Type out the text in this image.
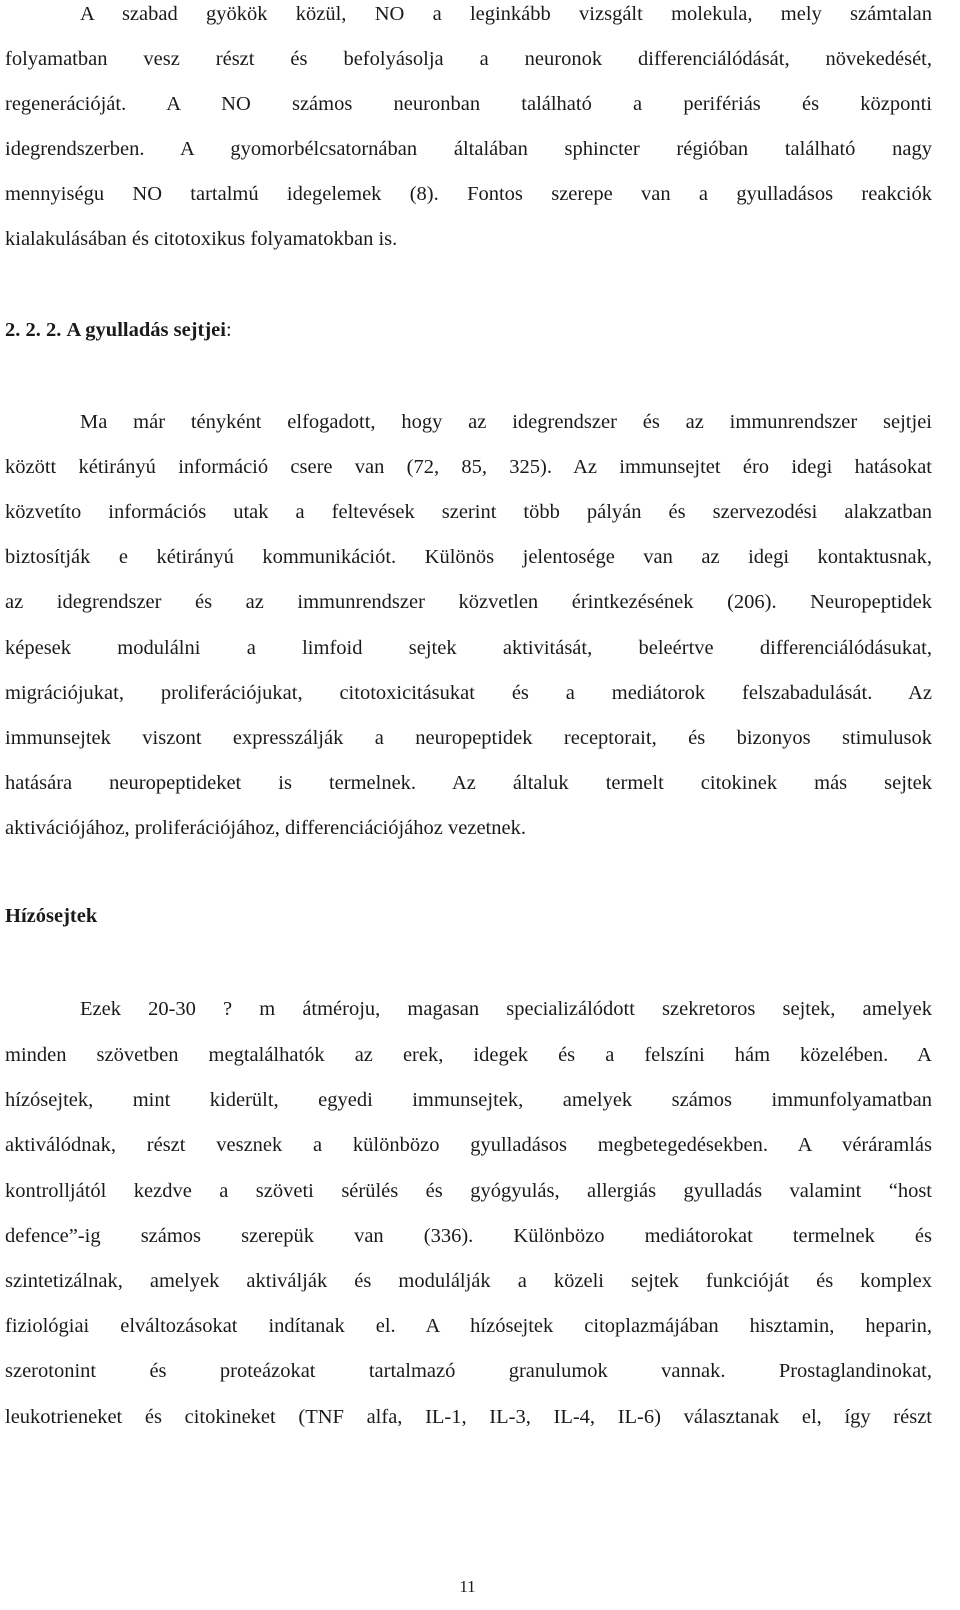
A szabad gyökök közül, NO a leginkább vizsgált molekula, mely számtalan
folyamatban vesz részt és befolyásolja a neuronok differenciálódását, növekedését,
regenerációját. A NO számos neuronban található a perifériás és központi
idegrendszerben. A gyomorbélcsatornában általában sphincter régióban található nagy
mennyiségu NO tartalmú idegelemek (8). Fontos szerepe van a gyulladásos reakciók
kialakulásában és citotoxikus folyamatokban is.
2. 2. 2. A gyulladás sejtjei:
Ma már tényként elfogadott, hogy az idegrendszer és az immunrendszer sejtjei
között kétirányú információ csere van (72, 85, 325). Az immunsejtet éro idegi hatásokat
közvetíto információs utak a feltevések szerint több pályán és szervezodési alakzatban
biztosítják e kétirányú kommunikációt. Különös jelentosége van az idegi kontaktusnak,
az idegrendszer és az immunrendszer közvetlen érintkezésének (206). Neuropeptidek
képesek modulálni a limfoid sejtek aktivitását, beleértve differenciálódásukat,
migrációjukat, proliferációjukat, citotoxicitásukat és a mediátorok felszabadulását. Az
immunsejtek viszont expresszálják a neuropeptidek receptorait, és bizonyos stimulusok
hatására neuropeptideket is termelnek. Az általuk termelt citokinek más sejtek
aktivációjához, proliferációjához, differenciációjához vezetnek.
Hízósejtek
Ezek 20-30 ? m átméroju, magasan specializálódott szekretoros sejtek, amelyek
minden szövetben megtalálhatók az erek, idegek és a felszíni hám közelében. A
hízósejtek, mint kiderült, egyedi immunsejtek, amelyek számos immunfolyamatban
aktiválódnak, részt vesznek a különbözo gyulladásos megbetegedésekben. A véráramlás
kontrolljától kezdve a szöveti sérülés és gyógyulás, allergiás gyulladás valamint “host
defence”-ig számos szerepük van (336). Különbözo mediátorokat termelnek és
szintetizálnak, amelyek aktiválják és modulálják a közeli sejtek funkcióját és komplex
fiziológiai elváltozásokat indítanak el. A hízósejtek citoplazmájában hisztamin, heparin,
szerotonint és proteázokat tartalmazó granulumok vannak. Prostaglandinokat,
leukotrieneket és citokineket (TNF alfa, IL-1, IL-3, IL-4, IL-6) választanak el, így részt
11
